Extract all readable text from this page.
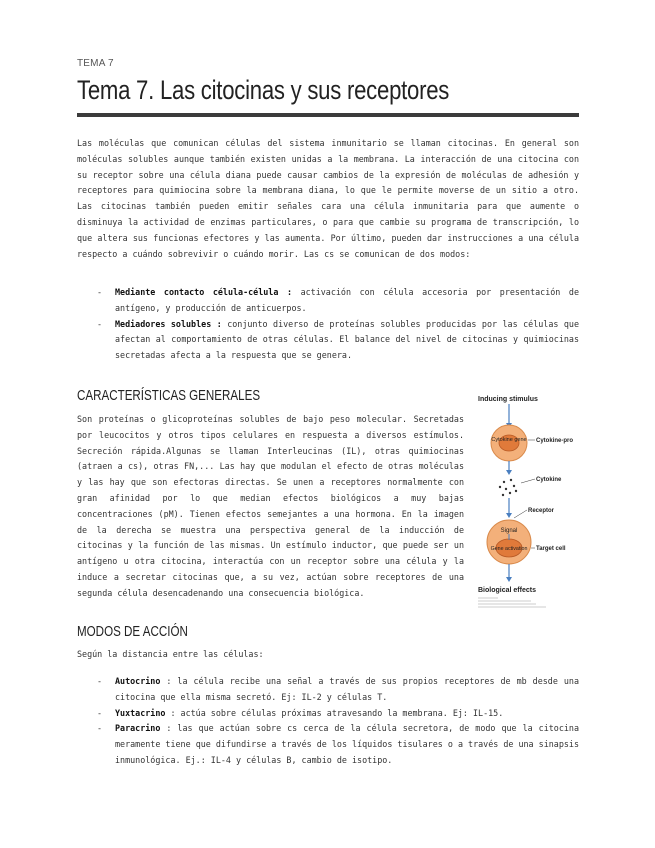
TEMA 7
Tema 7. Las citocinas y sus receptores
Las moléculas que comunican células del sistema inmunitario se llaman citocinas. En general son moléculas solubles aunque también existen unidas a la membrana. La interacción de una citocina con su receptor sobre una célula diana puede causar cambios de la expresión de moléculas de adhesión y receptores para quimiocina sobre la membrana diana, lo que le permite moverse de un sitio a otro. Las citocinas también pueden emitir señales cara una célula inmunitaria para que aumente o disminuya la actividad de enzimas particulares, o para que cambie su programa de transcripción, lo que altera sus funcionas efectores y las aumenta. Por último, pueden dar instrucciones a una célula respecto a cuándo sobrevivir o cuándo morir. Las cs se comunican de dos modos:
- Mediante contacto célula-célula : activación con célula accesoria por presentación de antígeno, y producción de anticuerpos.
- Mediadores solubles : conjunto diverso de proteínas solubles producidas por las células que afectan al comportamiento de otras células. El balance del nivel de citocinas y quimiocinas secretadas afecta a la respuesta que se genera.
CARACTERÍSTICAS GENERALES
Son proteínas o glicoproteínas solubles de bajo peso molecular. Secretadas por leucocitos y otros tipos celulares en respuesta a diversos estímulos. Secreción rápida.Algunas se llaman Interleucinas (IL), otras quimiocinas (atraen a cs), otras FN,... Las hay que modulan el efecto de otras moléculas y las hay que son efectoras directas. Se unen a receptores normalmente con gran afinidad por lo que median efectos biológicos a muy bajas concentraciones (pM). Tienen efectos semejantes a una hormona. En la imagen de la derecha se muestra una perspectiva general de la inducción de citocinas y la función de las mismas. Un estímulo inductor, que puede ser un antígeno u otra citocina, interactúa con un receptor sobre una célula y la induce a secretar citocinas que, a su vez, actúan sobre receptores de una segunda célula desencadenando una consecuencia biológica.
Inducing stimulus
Cytokine gene Cytokine-pro
Cytokine
Receptor
Signal
Gene activation Target cell
Biological effects
MODOS DE ACCIÓN
Según la distancia entre las células:
- Autocrino : la célula recibe una señal a través de sus propios receptores de mb desde una citocina que ella misma secretó. Ej: IL-2 y células T.
- Yuxtacrino : actúa sobre células próximas atravesando la membrana. Ej: IL-15.
- Paracrino : las que actúan sobre cs cerca de la célula secretora, de modo que la citocina meramente tiene que difundirse a través de los líquidos tisulares o a través de una sinapsis inmunológica. Ej.: IL-4 y células B, cambio de isotipo.
